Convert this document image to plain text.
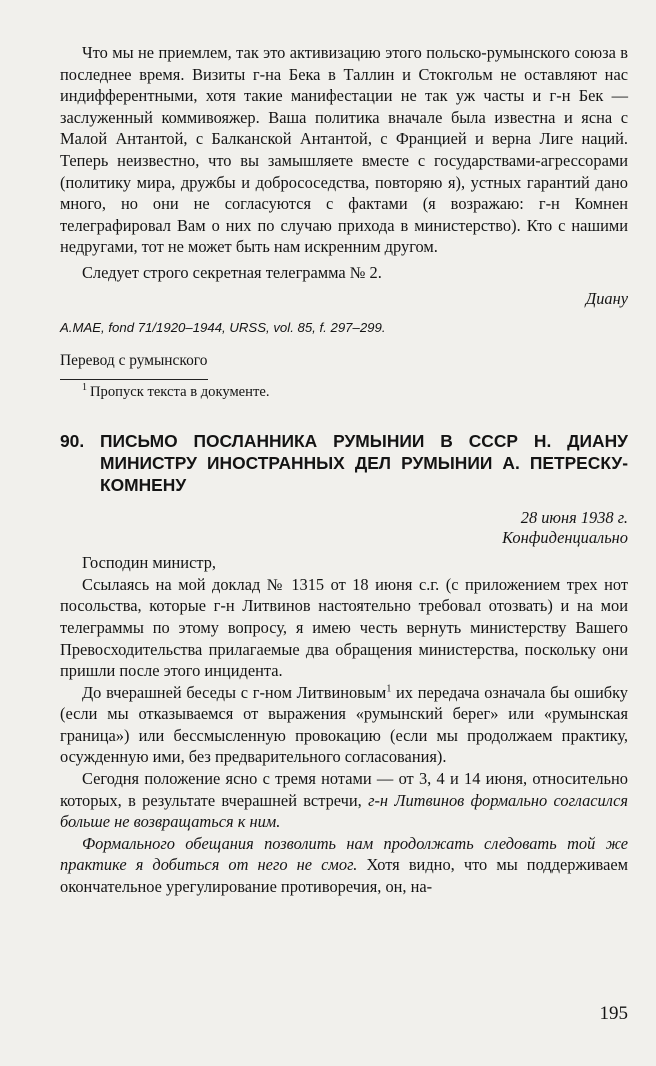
Что мы не приемлем, так это активизацию этого польско-румынского союза в последнее время. Визиты г-на Бека в Таллин и Стокгольм не оставляют нас индифферентными, хотя такие манифестации не так уж часты и г-н Бек — заслуженный коммивояжер. Ваша политика вначале была известна и ясна с Малой Антантой, с Балканской Антантой, с Францией и верна Лиге наций. Теперь неизвестно, что вы замышляете вместе с государствами-агрессорами (политику мира, дружбы и добрососедства, повторяю я), устных гарантий дано много, но они не согласуются с фактами (я возражаю: г-н Комнен телеграфировал Вам о них по случаю прихода в министерство). Кто с нашими недругами, тот не может быть нам искренним другом.

Следует строго секретная телеграмма № 2.

Диану

A.MAE, fond 71/1920–1944, URSS, vol. 85, f. 297–299.

Перевод с румынского

$^1$ Пропуск текста в документе.

90. ПИСЬМО ПОСЛАННИКА РУМЫНИИ В СССР Н. ДИАНУ МИНИСТРУ ИНОСТРАННЫХ ДЕЛ РУМЫНИИ А. ПЕТРЕСКУ-КОМНЕНУ
28 июня 1938 г.
Конфиденциально

Господин министр,

Ссылаясь на мой доклад № 1315 от 18 июня с.г. (с приложением трех нот посольства, которые г-н Литвинов настоятельно требовал отозвать) и на мои телеграммы по этому вопросу, я имею честь вернуть министерству Вашего Превосходительства прилагаемые два обращения министерства, поскольку они пришли после этого инцидента.

До вчерашней беседы с г-ном Литвиновым$^1$ их передача означала бы ошибку (если мы отказываемся от выражения «румынский берег» или «румынская граница») или бессмысленную провокацию (если мы продолжаем практику, осужденную ими, без предварительного согласования).

Сегодня положение ясно с тремя нотами — от 3, 4 и 14 июня, относительно которых, в результате вчерашней встречи, г-н Литвинов формально согласился больше не возвращаться к ним.

Формального обещания позволить нам продолжать следовать той же практике я добиться от него не смог. Хотя видно, что мы поддерживаем окончательное урегулирование противоречия, он, на-

195
